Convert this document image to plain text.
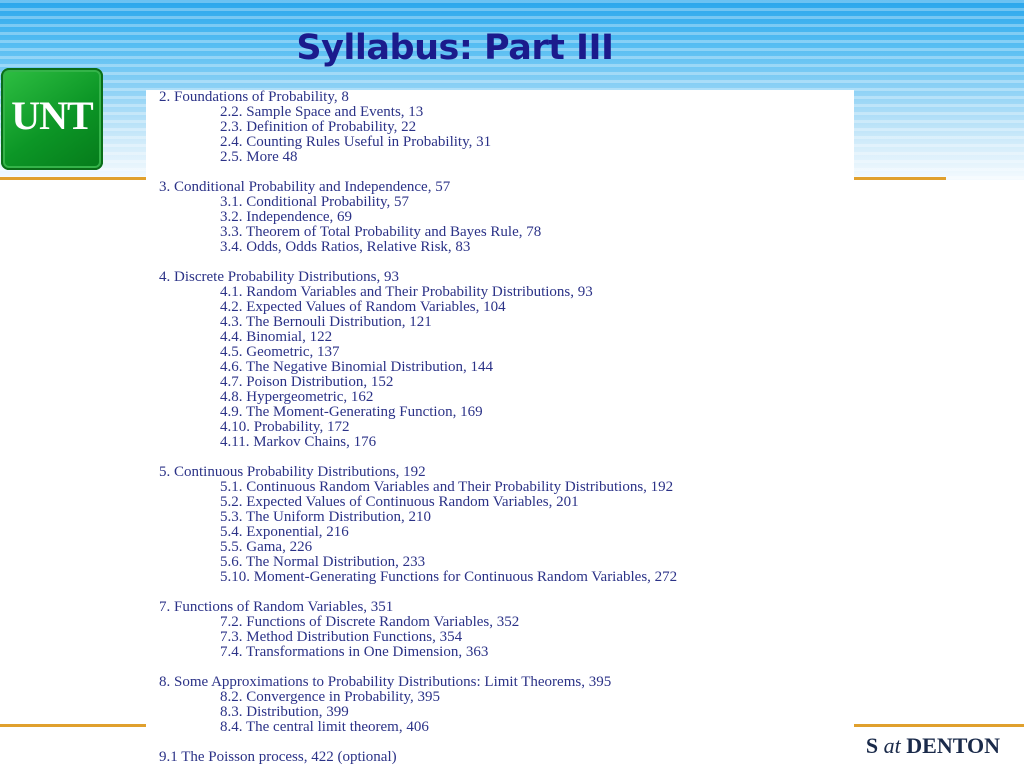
Syllabus: Part III
UNT
S at DENTON
2. Foundations of Probability, 8
2.2. Sample Space and Events, 13
2.3. Definition of Probability, 22
2.4. Counting Rules Useful in Probability, 31
2.5. More 48
3. Conditional Probability and Independence, 57
3.1. Conditional Probability, 57
3.2. Independence, 69
3.3. Theorem of Total Probability and Bayes Rule, 78
3.4. Odds, Odds Ratios, Relative Risk, 83
4. Discrete Probability Distributions, 93
4.1. Random Variables and Their Probability Distributions, 93
4.2. Expected Values of Random Variables, 104
4.3. The Bernouli Distribution, 121
4.4. Binomial, 122
4.5. Geometric, 137
4.6. The Negative Binomial Distribution, 144
4.7. Poison Distribution, 152
4.8. Hypergeometric, 162
4.9. The Moment-Generating Function, 169
4.10. Probability, 172
4.11. Markov Chains, 176
5. Continuous Probability Distributions, 192
5.1. Continuous Random Variables and Their Probability Distributions, 192
5.2. Expected Values of Continuous Random Variables, 201
5.3. The Uniform Distribution, 210
5.4. Exponential, 216
5.5. Gama, 226
5.6. The Normal Distribution, 233
5.10. Moment-Generating Functions for Continuous Random Variables, 272
7. Functions of Random Variables, 351
7.2. Functions of Discrete Random Variables, 352
7.3. Method Distribution Functions, 354
7.4. Transformations in One Dimension, 363
8. Some Approximations to Probability Distributions: Limit Theorems, 395
8.2. Convergence in Probability, 395
8.3. Distribution, 399
8.4. The central limit theorem, 406
9.1 The Poisson process, 422 (optional)
